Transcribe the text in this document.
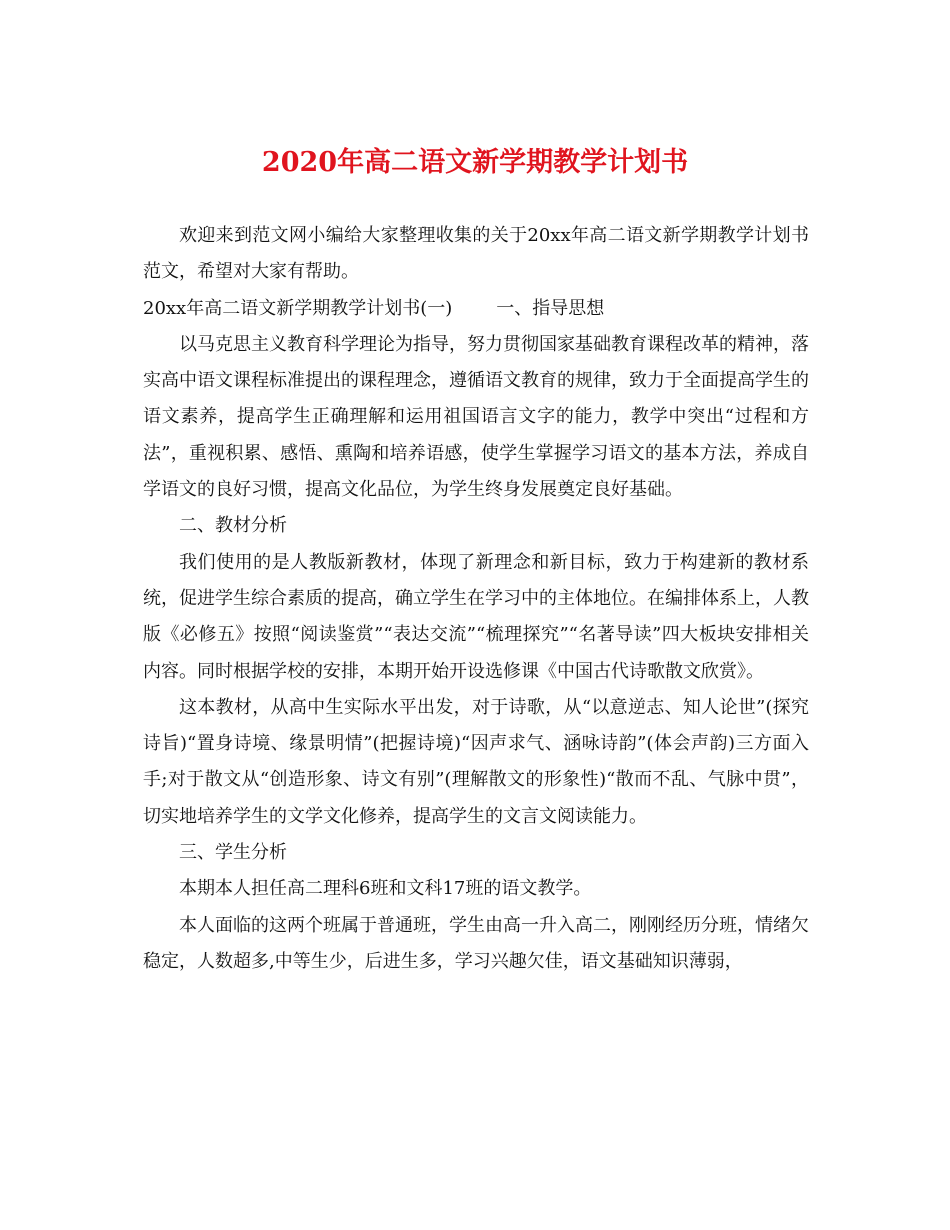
2020年高二语文新学期教学计划书

欢迎来到范文网小编给大家整理收集的关于20xx年高二语文新学期教学计划书范文，希望对大家有帮助。

20xx年高二语文新学期教学计划书(一) 一、指导思想

以马克思主义教育科学理论为指导，努力贯彻国家基础教育课程改革的精神，落实高中语文课程标准提出的课程理念，遵循语文教育的规律，致力于全面提高学生的语文素养，提高学生正确理解和运用祖国语言文字的能力，教学中突出“过程和方法”，重视积累、感悟、熏陶和培养语感，使学生掌握学习语文的基本方法，养成自学语文的良好习惯，提高文化品位，为学生终身发展奠定良好基础。

二、教材分析

我们使用的是人教版新教材，体现了新理念和新目标，致力于构建新的教材系统，促进学生综合素质的提高，确立学生在学习中的主体地位。在编排体系上，人教版《必修五》按照“阅读鉴赏”“表达交流”“梳理探究”“名著导读”四大板块安排相关内容。同时根据学校的安排，本期开始开设选修课《中国古代诗歌散文欣赏》。

这本教材，从高中生实际水平出发，对于诗歌，从“以意逆志、知人论世”(探究诗旨)“置身诗境、缘景明情”(把握诗境)“因声求气、涵咏诗韵”(体会声韵)三方面入手;对于散文从“创造形象、诗文有别”(理解散文的形象性)“散而不乱、气脉中贯”，切实地培养学生的文学文化修养，提高学生的文言文阅读能力。

三、学生分析

本期本人担任高二理科6班和文科17班的语文教学。

本人面临的这两个班属于普通班，学生由高一升入高二，刚刚经历分班，情绪欠稳定，人数超多,中等生少，后进生多，学习兴趣欠佳，语文基础知识薄弱，
